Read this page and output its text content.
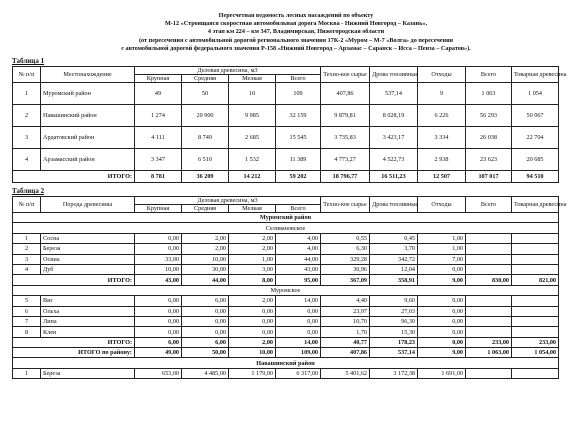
Пересчетная ведомость лесных насаждений по объекту
М-12 «Строящаяся скоростная автомобильная дорога Москва - Нижний Новгород – Казань»,
4 этап км 224 – км 347, Владимирская, Нижегородская области
(от пересечения с автомобильной дорогой регионального значения 17К-2 «Муром – М-7 «Волга» до пересечения
с автомобильной дорогой федерального значения Р-158 «Нижний Новгород – Арзамас – Саранск – Исса – Пенза – Саратов»).
Таблица 1
№ п/п	Местонахождение	Деловая древесина, м3				Техно-кое сырье	Дрова топливные	Отходы	Всего	Товарная древесина
		Крупная	Средняя	Мелкая	Всего					
1	Муромский район	49	50	10	109	407,86	537,14	9	1 063	1 054
2	Навашинский район	1 274	20 900	9 985	32 159	9 879,81	8 028,19	6 226	56 293	50 067
3	Ардатовский район	4 111	8 749	2 685	15 545	3 735,83	3 423,17	3 334	26 038	22 704
4	Арзамасский район	3 347	6 510	1 532	11 389	4 773,27	4 522,73	2 938	23 623	20 685
ИТОГО:		8 781	36 209	14 212	59 202	18 796,77	16 511,23	12 507	107 017	94 510
Таблица 2
№ п/п	Порода древесины	Деловая древесина, м3				Техно-кое сырье	Дрова топливные	Отходы	Всего	Товарная древесина
		Крупная	Средняя	Мелкая	Всего					
Муромский район										
Селивановское										
1	Сосна	0,00	2,00	2,00	4,00	0,55	0,45	1,00		
2	Береза	0,00	2,00	2,00	4,00	6,30	3,70	1,00		
3	Осина	33,00	10,00	1,00	44,00	329,28	342,72	7,00		
4	Дуб	10,00	30,00	3,00	43,00	30,96	12,04	0,00		
ИТОГО:		43,00	44,00	8,00	95,00	367,09	358,91	9,00	830,00	821,00
Муромское										
5	Вяз	6,00	6,00	2,00	14,00	4,40	9,60	0,00		
6	Ольха	0,00	0,00	0,00	0,00	23,97	27,03	0,00		
7	Липа	0,00	0,00	0,00	0,00	10,70	96,30	0,00		
8	Клен	0,00	0,00	0,00	0,00	1,70	15,30	0,00		
ИТОГО:		6,00	6,00	2,00	14,00	40,77	178,23	0,00	233,00	233,00
ИТОГО по району:		49,00	50,00	10,00	109,00	407,86	537,14	9,00	1 063,00	1 054,00
Навашинский район										
1	Береза	653,00	4 485,00	1 179,00	6 317,00	5 401,62	3 172,38	1 691,00		
